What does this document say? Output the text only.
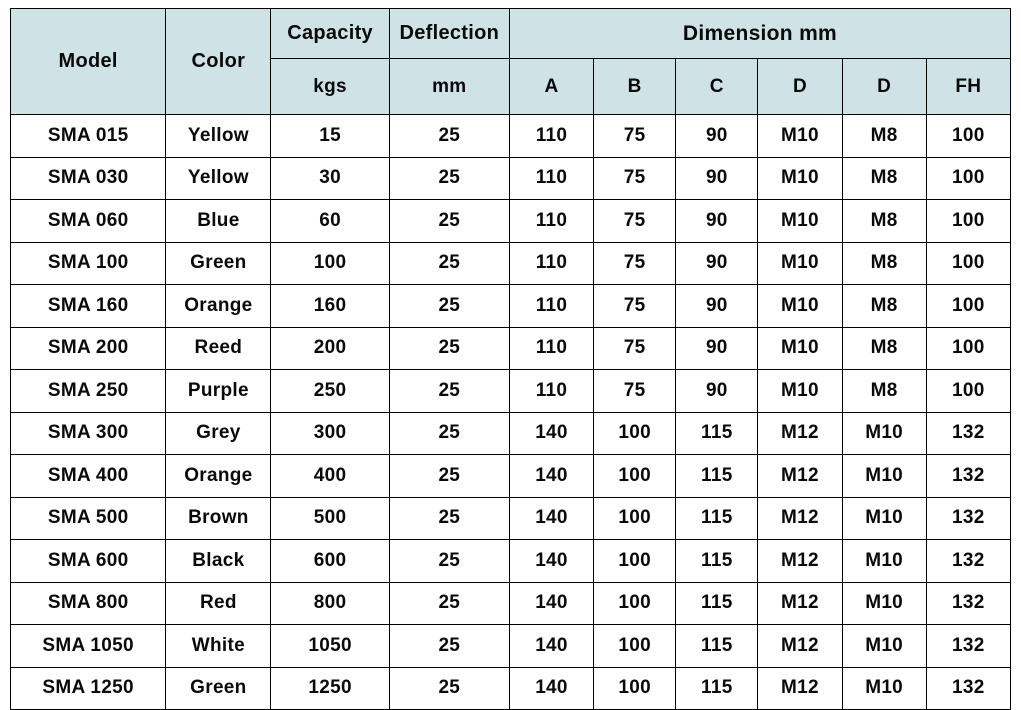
Model	Color	Capacity	Deflection	Dimension mm					
		kgs	mm	A	B	C	D	D	FH
SMA 015	Yellow	15	25	110	75	90	M10	M8	100
SMA 030	Yellow	30	25	110	75	90	M10	M8	100
SMA 060	Blue	60	25	110	75	90	M10	M8	100
SMA 100	Green	100	25	110	75	90	M10	M8	100
SMA 160	Orange	160	25	110	75	90	M10	M8	100
SMA 200	Reed	200	25	110	75	90	M10	M8	100
SMA 250	Purple	250	25	110	75	90	M10	M8	100
SMA 300	Grey	300	25	140	100	115	M12	M10	132
SMA 400	Orange	400	25	140	100	115	M12	M10	132
SMA 500	Brown	500	25	140	100	115	M12	M10	132
SMA 600	Black	600	25	140	100	115	M12	M10	132
SMA 800	Red	800	25	140	100	115	M12	M10	132
SMA 1050	White	1050	25	140	100	115	M12	M10	132
SMA 1250	Green	1250	25	140	100	115	M12	M10	132
